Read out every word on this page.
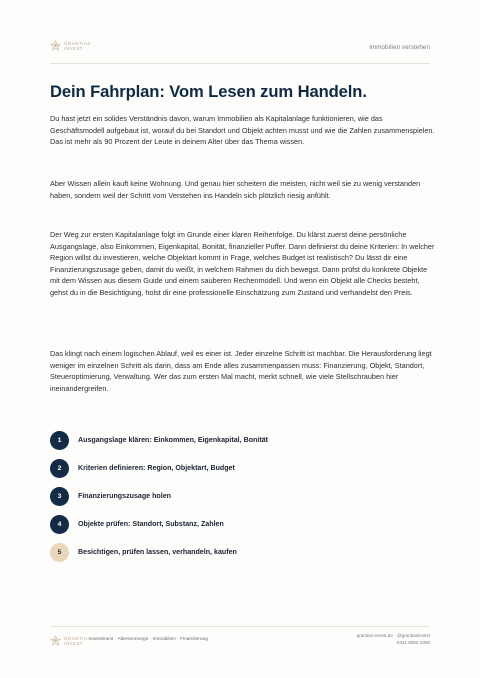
GRANTIAS
INVEST	Immobilien verstehen
Dein Fahrplan: Vom Lesen zum Handeln.

Du hast jetzt ein solides Verständnis davon, warum Immobilien als Kapitalanlage funktionieren, wie das Geschäftsmodell aufgebaut ist, worauf du bei Standort und Objekt achten musst und wie die Zahlen zusammenspielen. Das ist mehr als 90 Prozent der Leute in deinem Alter über das Thema wissen.

Aber Wissen allein kauft keine Wohnung. Und genau hier scheitern die meisten, nicht weil sie zu wenig verstanden haben, sondern weil der Schritt vom Verstehen ins Handeln sich plötzlich riesig anfühlt.

Der Weg zur ersten Kapitalanlage folgt im Grunde einer klaren Reihenfolge. Du klärst zuerst deine persönliche Ausgangslage, also Einkommen, Eigenkapital, Bonität, finanzieller Puffer. Dann definierst du deine Kriterien: In welcher Region willst du investieren, welche Objektart kommt in Frage, welches Budget ist realistisch? Du lässt dir eine Finanzierungszusage geben, damit du weißt, in welchem Rahmen du dich bewegst. Dann prüfst du konkrete Objekte mit dem Wissen aus diesem Guide und einem sauberen Rechenmodell. Und wenn ein Objekt alle Checks besteht, gehst du in die Besichtigung, holst dir eine professionelle Einschätzung zum Zustand und verhandelst den Preis.

Das klingt nach einem logischen Ablauf, weil es einer ist. Jeder einzelne Schritt ist machbar. Die Herausforderung liegt weniger im einzelnen Schritt als darin, dass am Ende alles zusammenpassen muss: Finanzierung, Objekt, Standort, Steueroptimierung, Verwaltung. Wer das zum ersten Mal macht, merkt schnell, wie viele Stellschrauben hier ineinandergreifen.

1	Ausgangslage klären: Einkommen, Eigenkapital, Bonität
2	Kriterien definieren: Region, Objektart, Budget
3	Finanzierungszusage holen
4	Objekte prüfen: Standort, Substanz, Zahlen
5	Besichtigen, prüfen lassen, verhandeln, kaufen
GRANTIAS
INVEST
Investment · Altersvorsorge · Immobilien · Finanzierung
grantias-invest.de · @grantiasinvest
0431 8858 3368
